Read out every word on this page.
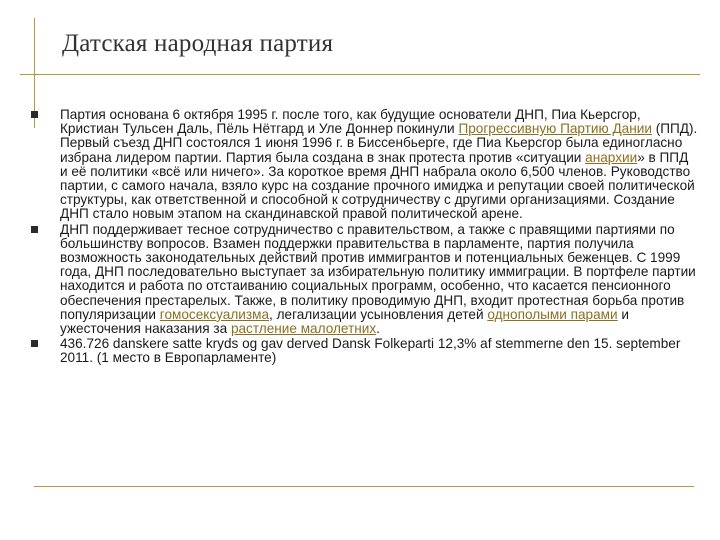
Датская народная партия
Партия основана 6 октября 1995 г. после того, как будущие основатели ДНП, Пиа Кьерсгор, Кристиан Тульсен Даль, Пёль Нётгард и Уле Доннер покинули Прогрессивную Партию Дании (ППД). Первый съезд ДНП состоялся 1 июня 1996 г. в Биссенбьерге, где Пиа Кьерсгор была единогласно избрана лидером партии. Партия была создана в знак протеста против «ситуации анархии» в ППД и её политики «всё или ничего». За короткое время ДНП набрала около 6,500 членов. Руководство партии, с самого начала, взяло курс на создание прочного имиджа и репутации своей политической структуры, как ответственной и способной к сотрудничеству с другими организациями. Создание ДНП стало новым этапом на скандинавской правой политической арене.
ДНП поддерживает тесное сотрудничество с правительством, а также с правящими партиями по большинству вопросов. Взамен поддержки правительства в парламенте, партия получила возможность законодательных действий против иммигрантов и потенциальных беженцев. С 1999 года, ДНП последовательно выступает за избирательную политику иммиграции. В портфеле партии находится и работа по отстаиванию социальных программ, особенно, что касается пенсионного обеспечения престарелых. Также, в политику проводимую ДНП, входит протестная борьба против популяризации гомосексуализма, легализации усыновления детей однополыми парами и ужесточения наказания за растление малолетних.
436.726 danskere satte kryds og gav derved Dansk Folkeparti 12,3% af stemmerne den 15. september 2011. (1 место в Европарламенте)
